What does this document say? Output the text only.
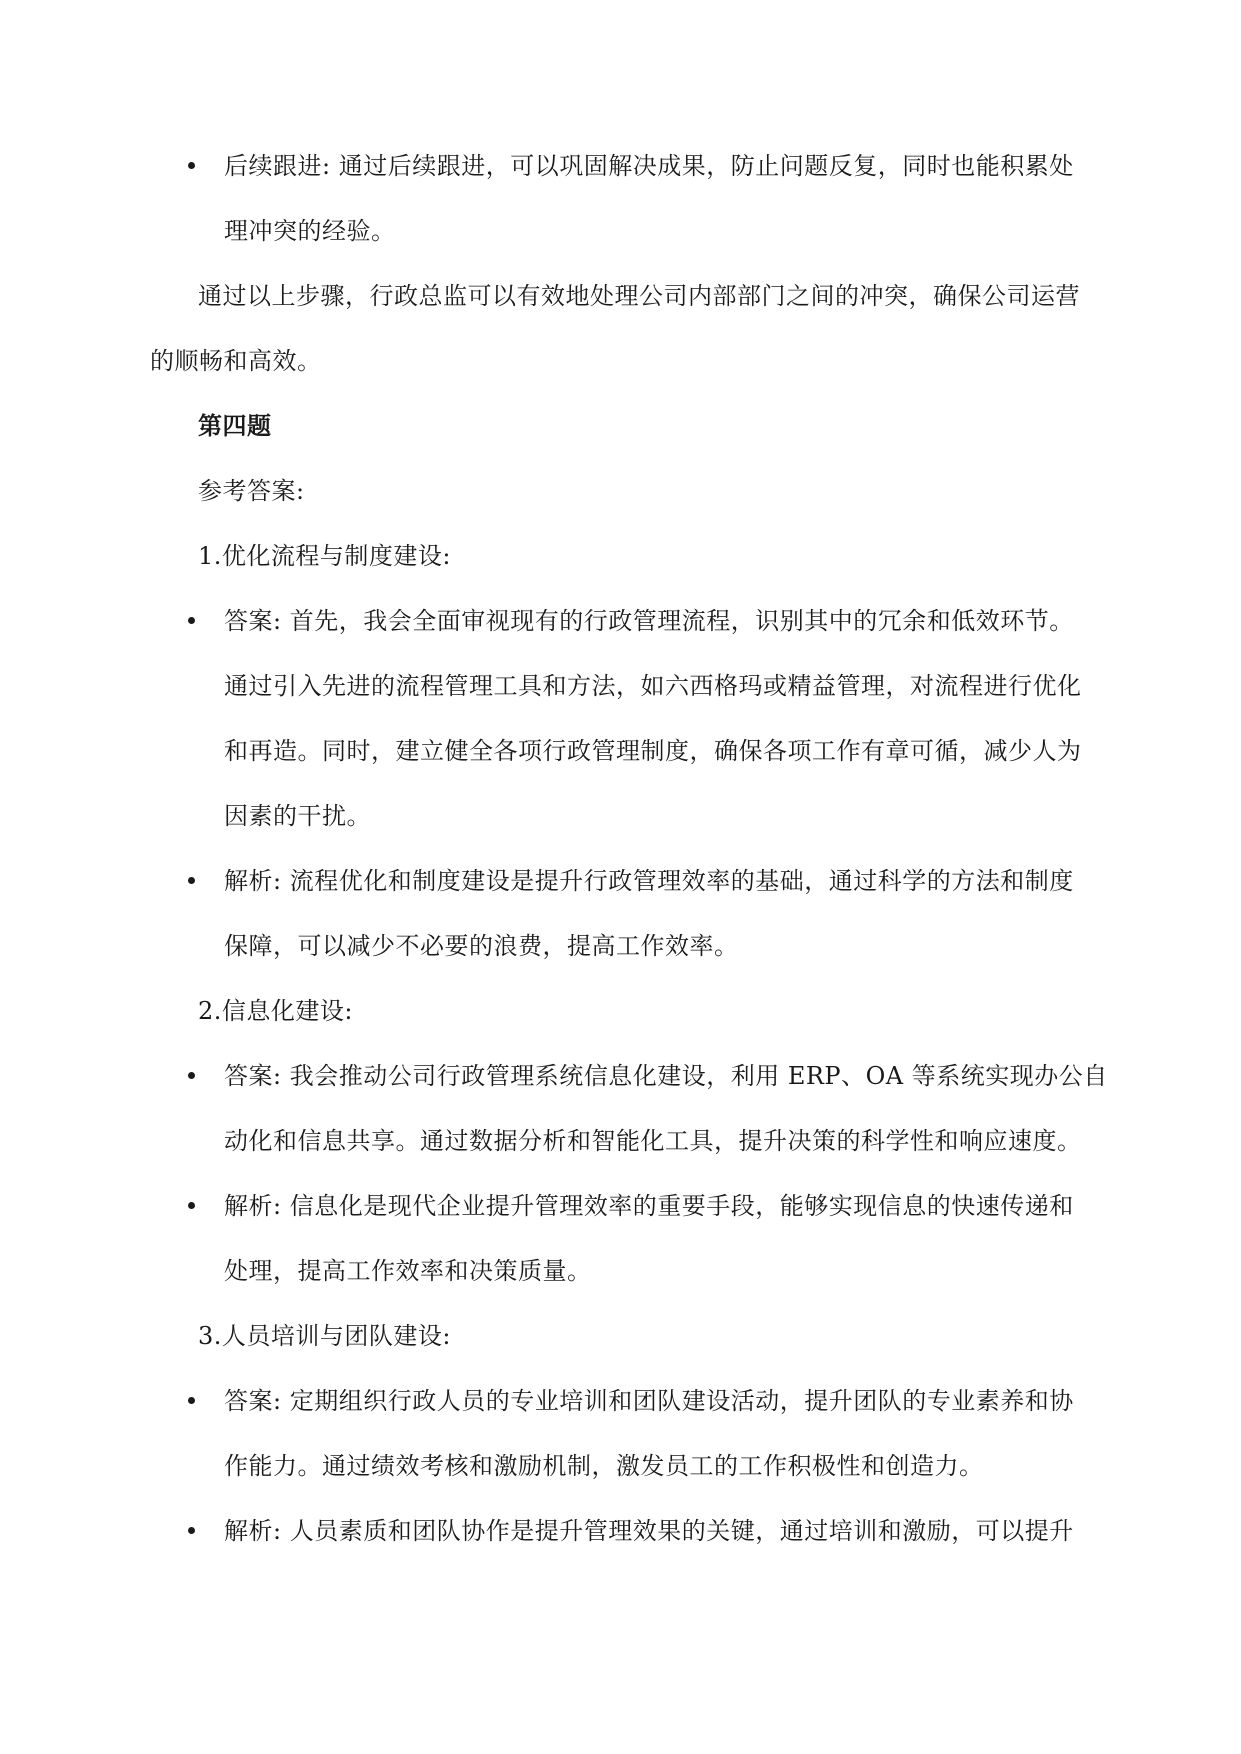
后续跟进: 通过后续跟进，可以巩固解决成果，防止问题反复，同时也能积累处
理冲突的经验。
通过以上步骤，行政总监可以有效地处理公司内部部门之间的冲突，确保公司运营
的顺畅和高效。
第四题
参考答案:
1.优化流程与制度建设:
答案: 首先，我会全面审视现有的行政管理流程，识别其中的冗余和低效环节。
通过引入先进的流程管理工具和方法，如六西格玛或精益管理，对流程进行优化
和再造。同时，建立健全各项行政管理制度，确保各项工作有章可循，减少人为
因素的干扰。
解析: 流程优化和制度建设是提升行政管理效率的基础，通过科学的方法和制度
保障，可以减少不必要的浪费，提高工作效率。
2.信息化建设:
答案: 我会推动公司行政管理系统信息化建设，利用 ERP、OA 等系统实现办公自
动化和信息共享。通过数据分析和智能化工具，提升决策的科学性和响应速度。
解析: 信息化是现代企业提升管理效率的重要手段，能够实现信息的快速传递和
处理，提高工作效率和决策质量。
3.人员培训与团队建设:
答案: 定期组织行政人员的专业培训和团队建设活动，提升团队的专业素养和协
作能力。通过绩效考核和激励机制，激发员工的工作积极性和创造力。
解析: 人员素质和团队协作是提升管理效果的关键，通过培训和激励，可以提升
